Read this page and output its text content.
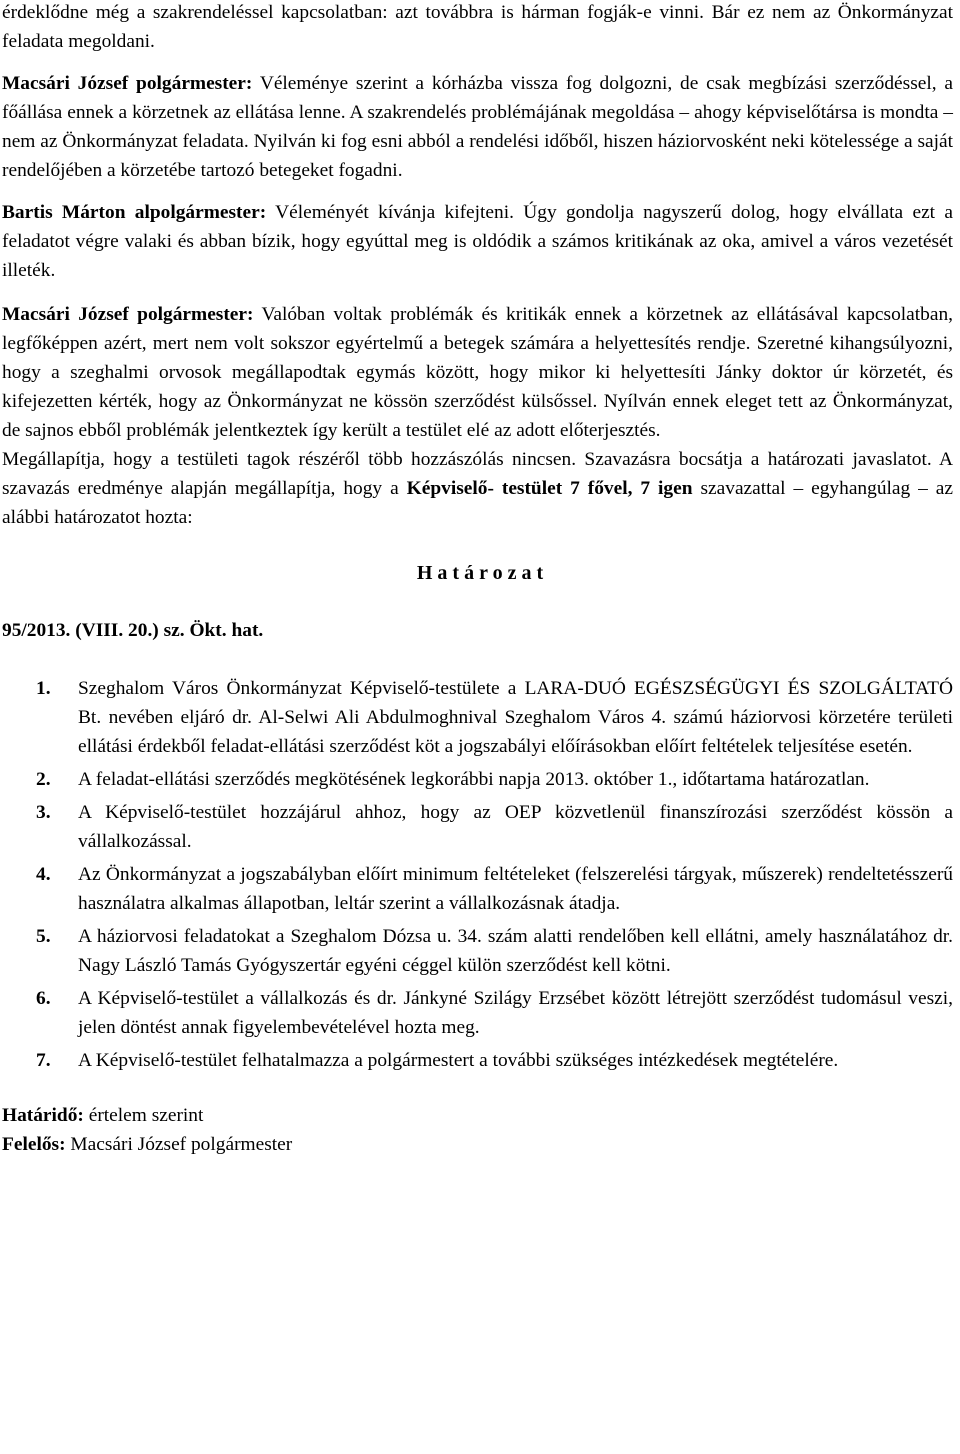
érdeklődne még a szakrendeléssel kapcsolatban: azt továbbra is hárman fogják-e vinni. Bár ez nem az Önkormányzat feladata megoldani.

Macsári József polgármester: Véleménye szerint a kórházba vissza fog dolgozni, de csak megbízási szerződéssel, a főállása ennek a körzetnek az ellátása lenne. A szakrendelés problémájának megoldása – ahogy képviselőtársa is mondta – nem az Önkormányzat feladata. Nyilván ki fog esni abból a rendelési időből, hiszen háziorvosként neki kötelessége a saját rendelőjében a körzetébe tartozó betegeket fogadni.

Bartis Márton alpolgármester: Véleményét kívánja kifejteni. Úgy gondolja nagyszerű dolog, hogy elvállata ezt a feladatot végre valaki és abban bízik, hogy egyúttal meg is oldódik a számos kritikának az oka, amivel a város vezetését illeték.

Macsári József polgármester: Valóban voltak problémák és kritikák ennek a körzetnek az ellátásával kapcsolatban, legfőképpen azért, mert nem volt sokszor egyértelmű a betegek számára a helyettesítés rendje. Szeretné kihangsúlyozni, hogy a szeghalmi orvosok megállapodtak egymás között, hogy mikor ki helyettesíti Jánky doktor úr körzetét, és kifejezetten kérték, hogy az Önkormányzat ne kössön szerződést külsőssel. Nyílván ennek eleget tett az Önkormányzat, de sajnos ebből problémák jelentkeztek így került a testület elé az adott előterjesztés.

Megállapítja, hogy a testületi tagok részéről több hozzászólás nincsen. Szavazásra bocsátja a határozati javaslatot. A szavazás eredménye alapján megállapítja, hogy a Képviselő- testület 7 fővel, 7 igen szavazattal – egyhangúlag – az alábbi határozatot hozta:

Határozat

95/2013. (VIII. 20.) sz. Ökt. hat.

1.	Szeghalom Város Önkormányzat Képviselő-testülete a LARA-DUÓ EGÉSZSÉGÜGYI ÉS SZOLGÁLTATÓ Bt. nevében eljáró dr. Al-Selwi Ali Abdulmoghnival Szeghalom Város 4. számú háziorvosi körzetére területi ellátási érdekből feladat-ellátási szerződést köt a jogszabályi előírásokban előírt feltételek teljesítése esetén.
2.	A feladat-ellátási szerződés megkötésének legkorábbi napja 2013. október 1., időtartama határozatlan.
3.	A Képviselő-testület hozzájárul ahhoz, hogy az OEP közvetlenül finanszírozási szerződést kössön a vállalkozással.
4.	Az Önkormányzat a jogszabályban előírt minimum feltételeket (felszerelési tárgyak, műszerek) rendeltetésszerű használatra alkalmas állapotban, leltár szerint a vállalkozásnak átadja.
5.	A háziorvosi feladatokat a Szeghalom Dózsa u. 34. szám alatti rendelőben kell ellátni, amely használatához dr. Nagy László Tamás Gyógyszertár egyéni céggel külön szerződést kell kötni.
6.	A Képviselő-testület a vállalkozás és dr. Jánkyné Szilágy Erzsébet között létrejött szerződést tudomásul veszi, jelen döntést annak figyelembevételével hozta meg.
7.	A Képviselő-testület felhatalmazza a polgármestert a további szükséges intézkedések megtételére.

Határidő: értelem szerint

Felelős: Macsári József polgármester
